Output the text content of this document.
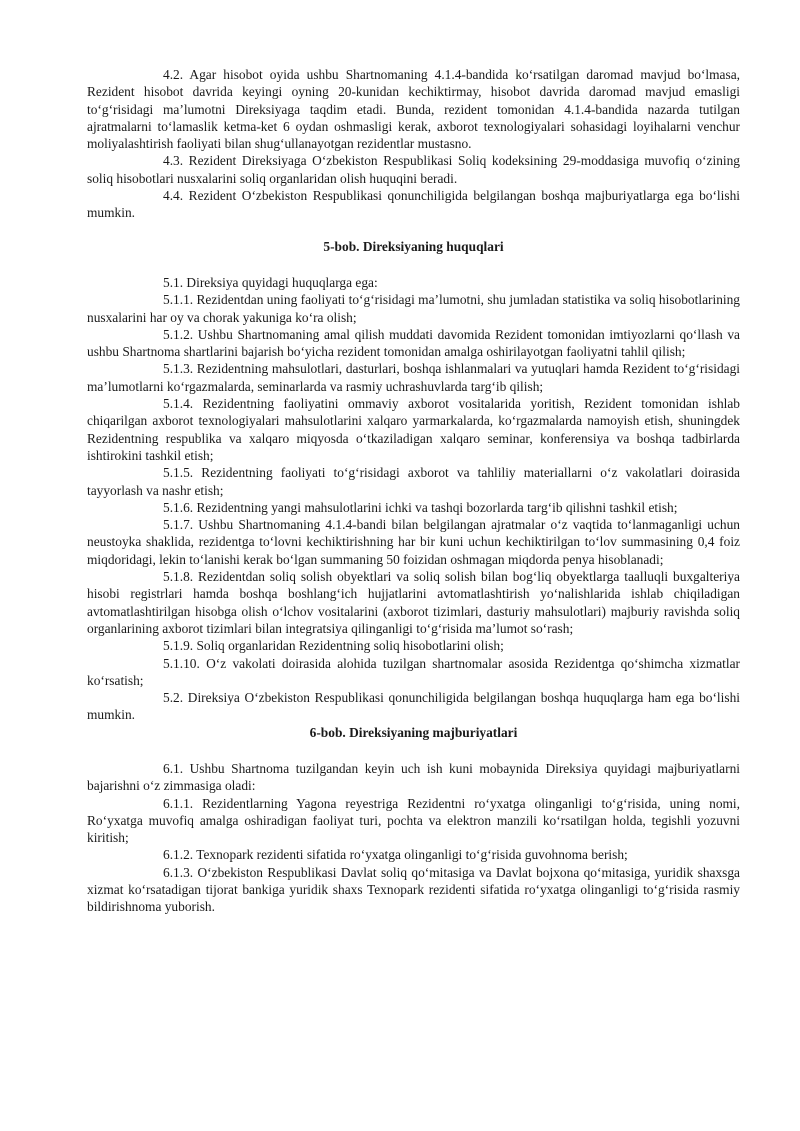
4.2. Agar hisobot oyida ushbu Shartnomaning 4.1.4-bandida koʻrsatilgan daromad mavjud boʻlmasa, Rezident hisobot davrida keyingi oyning 20-kunidan kechiktirmay, hisobot davrida daromad mavjud emasligi toʻgʻrisidagi maʼlumotni Direksiyaga taqdim etadi. Bunda, rezident tomonidan 4.1.4-bandida nazarda tutilgan ajratmalarni toʻlamaslik ketma-ket 6 oydan oshmasligi kerak, axborot texnologiyalari sohasidagi loyihalarni venchur moliyalashtirish faoliyati bilan shugʻullanayotgan rezidentlar mustasno.

4.3. Rezident Direksiyaga Oʻzbekiston Respublikasi Soliq kodeksining 29-moddasiga muvofiq oʻzining soliq hisobotlari nusxalarini soliq organlaridan olish huquqini beradi.

4.4. Rezident Oʻzbekiston Respublikasi qonunchiligida belgilangan boshqa majburiyatlarga ega boʻlishi mumkin.

5-bob. Direksiyaning huquqlari

5.1. Direksiya quyidagi huquqlarga ega:

5.1.1. Rezidentdan uning faoliyati toʻgʻrisidagi maʼlumotni, shu jumladan statistika va soliq hisobotlarining nusxalarini har oy va chorak yakuniga koʻra olish;

5.1.2. Ushbu Shartnomaning amal qilish muddati davomida Rezident tomonidan imtiyozlarni qoʻllash va ushbu Shartnoma shartlarini bajarish boʻyicha rezident tomonidan amalga oshirilayotgan faoliyatni tahlil qilish;

5.1.3. Rezidentning mahsulotlari, dasturlari, boshqa ishlanmalari va yutuqlari hamda Rezident toʻgʻrisidagi maʼlumotlarni koʻrgazmalarda, seminarlarda va rasmiy uchrashuvlarda targʻib qilish;

5.1.4. Rezidentning faoliyatini ommaviy axborot vositalarida yoritish, Rezident tomonidan ishlab chiqarilgan axborot texnologiyalari mahsulotlarini xalqaro yarmarkalarda, koʻrgazmalarda namoyish etish, shuningdek Rezidentning respublika va xalqaro miqyosda oʻtkaziladigan xalqaro seminar, konferensiya va boshqa tadbirlarda ishtirokini tashkil etish;

5.1.5. Rezidentning faoliyati toʻgʻrisidagi axborot va tahliliy materiallarni oʻz vakolatlari doirasida tayyorlash va nashr etish;

5.1.6. Rezidentning yangi mahsulotlarini ichki va tashqi bozorlarda targʻib qilishni tashkil etish;

5.1.7. Ushbu Shartnomaning 4.1.4-bandi bilan belgilangan ajratmalar oʻz vaqtida toʻlanmaganligi uchun neustoyka shaklida, rezidentga toʻlovni kechiktirishning har bir kuni uchun kechiktirilgan toʻlov summasining 0,4 foiz miqdoridagi, lekin toʻlanishi kerak boʻlgan summaning 50 foizidan oshmagan miqdorda penya hisoblanadi;

5.1.8. Rezidentdan soliq solish obyektlari va soliq solish bilan bogʻliq obyektlarga taalluqli buxgalteriya hisobi registrlari hamda boshqa boshlangʻich hujjatlarini avtomatlashtirish yoʻnalishlarida ishlab chiqiladigan avtomatlashtirilgan hisobga olish oʻlchov vositalarini (axborot tizimlari, dasturiy mahsulotlari) majburiy ravishda soliq organlarining axborot tizimlari bilan integratsiya qilinganligi toʻgʻrisida maʼlumot soʻrash;

5.1.9. Soliq organlaridan Rezidentning soliq hisobotlarini olish;

5.1.10. Oʻz vakolati doirasida alohida tuzilgan shartnomalar asosida Rezidentga qoʻshimcha xizmatlar koʻrsatish;

5.2. Direksiya Oʻzbekiston Respublikasi qonunchiligida belgilangan boshqa huquqlarga ham ega boʻlishi mumkin.

6-bob. Direksiyaning majburiyatlari

6.1. Ushbu Shartnoma tuzilgandan keyin uch ish kuni mobaynida Direksiya quyidagi majburiyatlarni bajarishni oʻz zimmasiga oladi:

6.1.1. Rezidentlarning Yagona reyestriga Rezidentni roʻyxatga olinganligi toʻgʻrisida, uning nomi, Roʻyxatga muvofiq amalga oshiradigan faoliyat turi, pochta va elektron manzili koʻrsatilgan holda, tegishli yozuvni kiritish;

6.1.2. Texnopark rezidenti sifatida roʻyxatga olinganligi toʻgʻrisida guvohnoma berish;

6.1.3. Oʻzbekiston Respublikasi Davlat soliq qoʻmitasiga va Davlat bojxona qoʻmitasiga, yuridik shaxsga xizmat koʻrsatadigan tijorat bankiga yuridik shaxs Texnopark rezidenti sifatida roʻyxatga olinganligi toʻgʻrisida rasmiy bildirishnoma yuborish.
